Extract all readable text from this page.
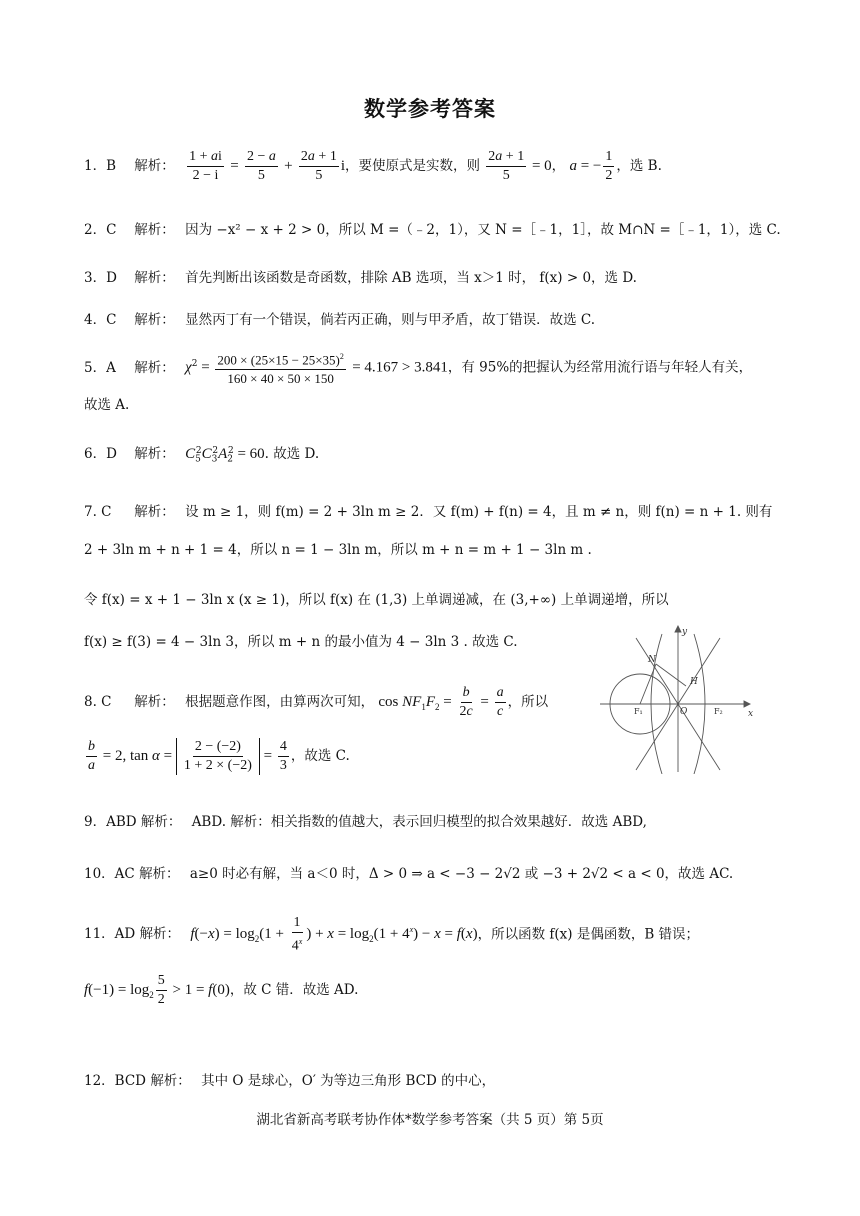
数学参考答案
1．B 解析： $\frac{1 + ai}{2 - i} = \frac{2 - a}{5} + \frac{2a + 1}{5}$ i，要使原式是实数，则 $\frac{2a + 1}{5} = 0$， a = − $\frac{1}{2}$ ，选 B.
2．C 解析： 因为 −x² − x + 2 > 0，所以 M =（﹣2，1），又 N =［﹣1，1］，故 M∩N =［﹣1，1），选 C.
3．D 解析： 首先判断出该函数是奇函数，排除 AB 选项，当 x＞1 时， f(x) > 0，选 D.
4．C 解析： 显然丙丁有一个错误，倘若丙正确，则与甲矛盾，故丁错误．故选 C.
5．A 解析： $\chi^2 = \frac{200 \times (25\times 15 - 25\times 35)^2}{160 \times 40 \times 50 \times 150} = 4.167 > 3.841$，有 95%的把握认为经常用流行语与年轻人有关，
故选 A.
6．D 解析： $C_5^2C_3^2A_2^2 = 60$. 故选 D.
7. C 解析： 设 m ≥ 1，则 f(m) = 2 + 3ln m ≥ 2．又 f(m) + f(n) = 4，且 m ≠ n，则 f(n) = n + 1. 则有
2 + 3ln m + n + 1 = 4，所以 n = 1 − 3ln m，所以 m + n = m + 1 − 3ln m .
令 f(x) = x + 1 − 3ln x (x ≥ 1)，所以 f(x) 在 (1,3) 上单调递减，在 (3,+∞) 上单调递增，所以
f(x) ≥ f(3) = 4 − 3ln 3，所以 m + n 的最小值为 4 − 3ln 3 . 故选 C.
8. C 解析： 根据题意作图，由算两次可知， $\cos NF_1F_2 = \frac{b}{2c} = \frac{a}{c}$ ，所以
$\frac{b}{a} = 2$, $\tan \alpha = \frac{2 - (-2)}{1 + 2 \times (-2)} = \frac{4}{3}$ ，故选 C.
y
x
N
H
O
F₁	F₂
9．ABD 解析： ABD. 解析：相关指数的值越大，表示回归模型的拟合效果越好．故选 ABD,
10．AC 解析： a≥0 时必有解，当 a＜0 时，Δ > 0 ⇒ a < −3 − 2√2 或 −3 + 2√2 < a < 0，故选 AC.
11．AD 解析： $f(-x) = \log_2(1 + \frac{1}{4^x}$ ) + $x = \log_2(1 + 4^x) - x = f(x)$，所以函数 f(x) 是偶函数，B 错误；
$f(-1) = \log_2 \frac{5}{2} > 1 = f(0)$，故 C 错．故选 AD.
12．BCD 解析： 其中 O 是球心，O′ 为等边三角形 BCD 的中心，
湖北省新高考联考协作体*数学参考答案（共 5 页）第 5页
